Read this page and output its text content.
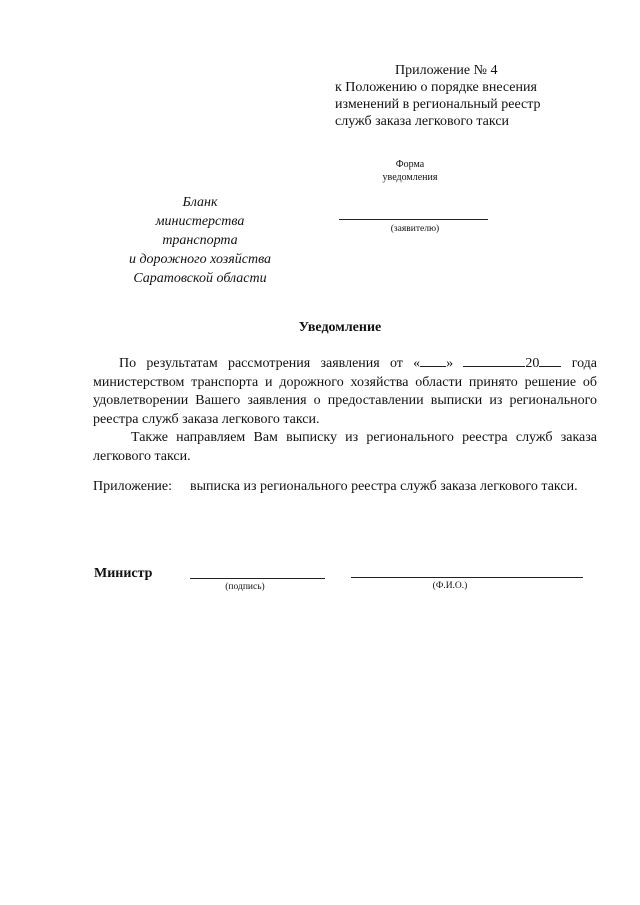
Приложение № 4
к Положению о порядке внесения
изменений в региональный реестр
служб заказа легкового такси
Форма
уведомления
Бланк
министерства
транспорта
и дорожного хозяйства
Саратовской области
(заявителю)
Уведомление

По результатам рассмотрения заявления от « »	20 года министерством транспорта и дорожного хозяйства области принято решение об удовлетворении Вашего заявления о предоставлении выписки из регионального реестра служб заказа легкового такси.

Также направляем Вам выписку из регионального реестра служб заказа легкового такси.

Приложение: выписка из регионального реестра служб заказа легкового такси.
Министр
(подпись)	(Ф.И.О.)
